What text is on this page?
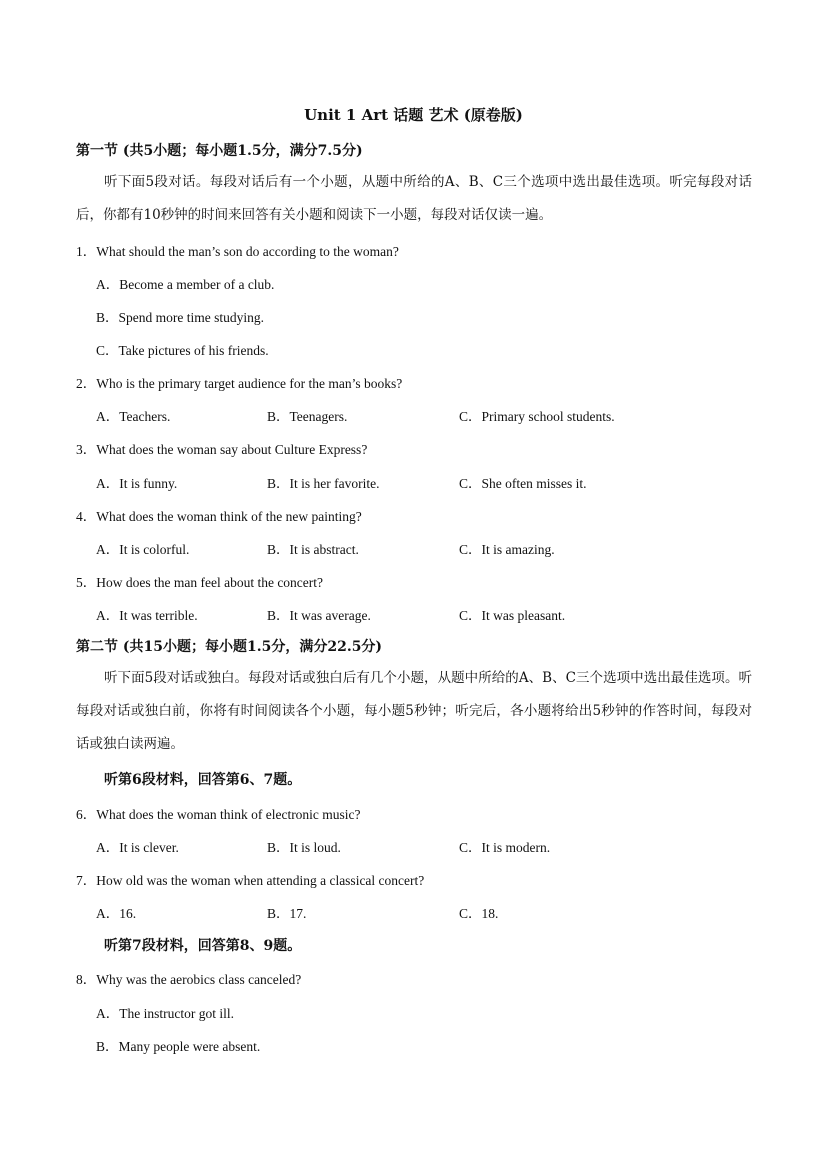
Unit 1 Art 话题 艺术 (原卷版)
第一节 (共5小题；每小题1.5分，满分7.5分)
听下面5段对话。每段对话后有一个小题，从题中所给的A、B、C三个选项中选出最佳选项。听完每段对话后，你都有10秒钟的时间来回答有关小题和阅读下一小题，每段对话仅读一遍。
1．What should the man’s son do according to the woman?
A．Become a member of a club.
B．Spend more time studying.
C．Take pictures of his friends.
2．Who is the primary target audience for the man’s books?
A．Teachers.	B．Teenagers.	C．Primary school students.
3．What does the woman say about Culture Express?
A．It is funny.	B．It is her favorite.	C．She often misses it.
4．What does the woman think of the new painting?
A．It is colorful.	B．It is abstract.	C．It is amazing.
5．How does the man feel about the concert?
A．It was terrible.	B．It was average.	C．It was pleasant.
第二节 (共15小题；每小题1.5分，满分22.5分)
听下面5段对话或独白。每段对话或独白后有几个小题，从题中所给的A、B、C三个选项中选出最佳选项。听每段对话或独白前，你将有时间阅读各个小题，每小题5秒钟；听完后，各小题将给出5秒钟的作答时间，每段对话或独白读两遍。
听第6段材料，回答第6、7题。
6．What does the woman think of electronic music?
A．It is clever.	B．It is loud.	C．It is modern.
7．How old was the woman when attending a classical concert?
A．16.	B．17.	C．18.
听第7段材料，回答第8、9题。
8．Why was the aerobics class canceled?
A．The instructor got ill.
B．Many people were absent.
